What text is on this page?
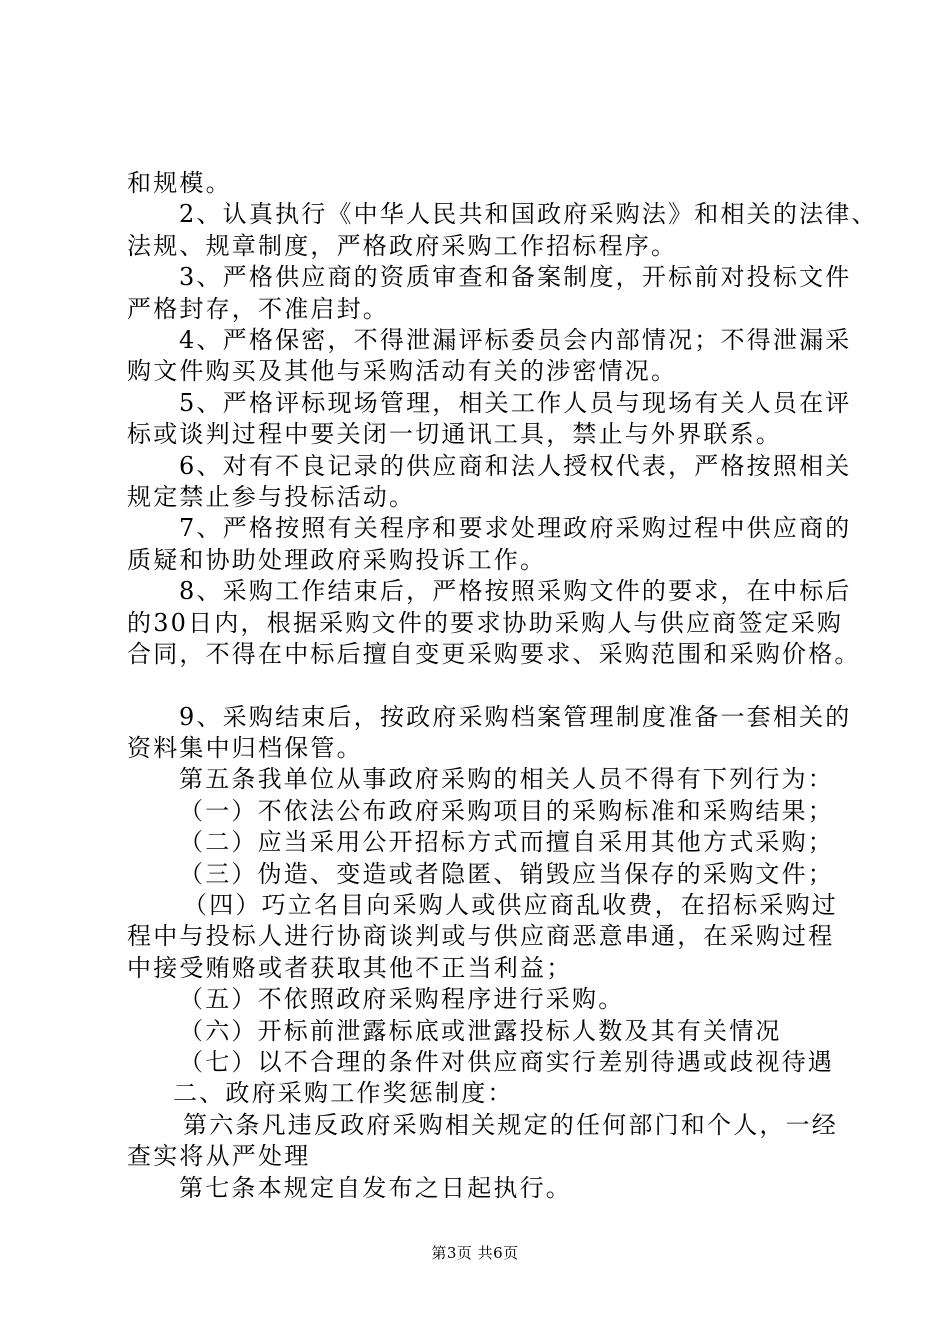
和规模。

2、认真执行《中华人民共和国政府采购法》和相关的法律、

法规、规章制度，严格政府采购工作招标程序。

3、严格供应商的资质审查和备案制度，开标前对投标文件

严格封存，不准启封。

4、严格保密，不得泄漏评标委员会内部情况；不得泄漏采

购文件购买及其他与采购活动有关的涉密情况。

5、严格评标现场管理，相关工作人员与现场有关人员在评

标或谈判过程中要关闭一切通讯工具，禁止与外界联系。

6、对有不良记录的供应商和法人授权代表，严格按照相关

规定禁止参与投标活动。

7、严格按照有关程序和要求处理政府采购过程中供应商的

质疑和协助处理政府采购投诉工作。

8、采购工作结束后，严格按照采购文件的要求，在中标后

的30日内，根据采购文件的要求协助采购人与供应商签定采购

合同，不得在中标后擅自变更采购要求、采购范围和采购价格。

9、采购结束后，按政府采购档案管理制度准备一套相关的

资料集中归档保管。

第五条我单位从事政府采购的相关人员不得有下列行为：

（一）不依法公布政府采购项目的采购标准和采购结果；

（二）应当采用公开招标方式而擅自采用其他方式采购；

（三）伪造、变造或者隐匿、销毁应当保存的采购文件；

（四）巧立名目向采购人或供应商乱收费，在招标采购过

程中与投标人进行协商谈判或与供应商恶意串通，在采购过程

中接受贿赂或者获取其他不正当利益；

（五）不依照政府采购程序进行采购。

（六）开标前泄露标底或泄露投标人数及其有关情况

（七）以不合理的条件对供应商实行差别待遇或歧视待遇

二、政府采购工作奖惩制度：

第六条凡违反政府采购相关规定的任何部门和个人，一经

查实将从严处理

第七条本规定自发布之日起执行。

第3页 共6页
